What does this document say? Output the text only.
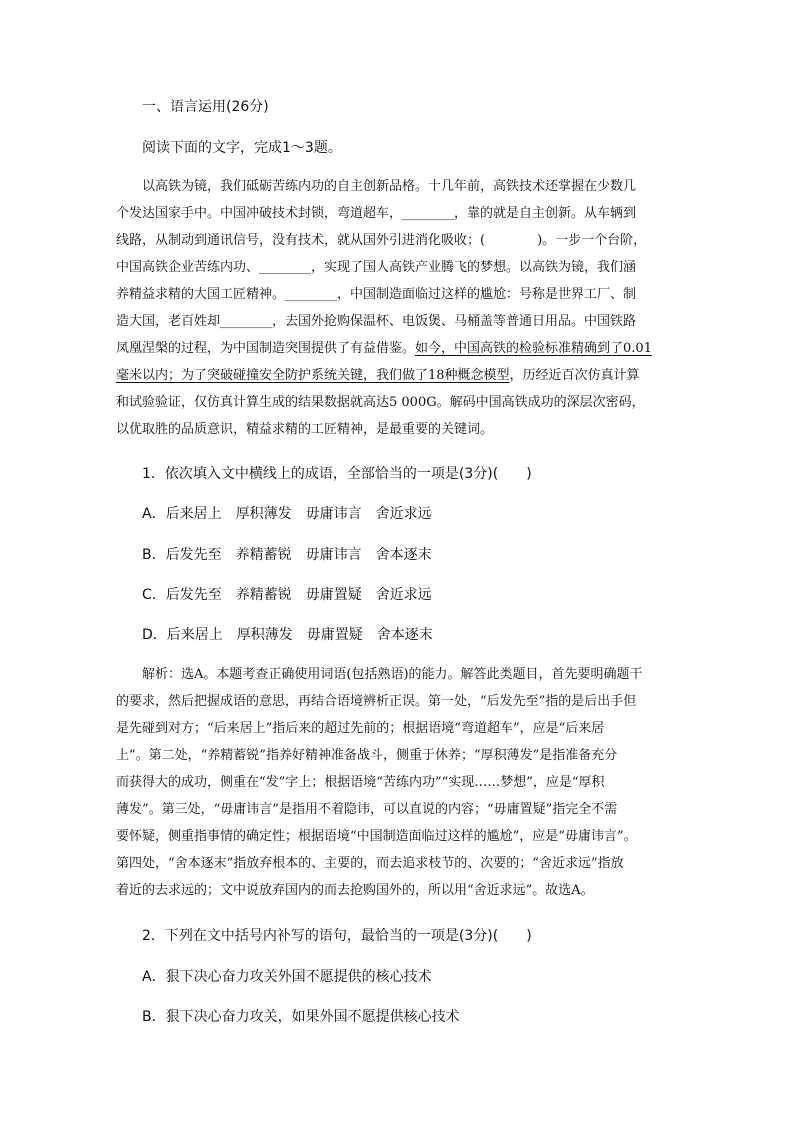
一、语言运用(26分)
阅读下面的文字，完成1～3题。
以高铁为镜，我们砥砺苦练内功的自主创新品格。十几年前，高铁技术还掌握在少数几
个发达国家手中。中国冲破技术封锁，弯道超车，________，靠的就是自主创新。从车辆到
线路，从制动到通讯信号，没有技术，就从国外引进消化吸收；(　　　　)。一步一个台阶，
中国高铁企业苦练内功、________，实现了国人高铁产业腾飞的梦想。以高铁为镜，我们涵
养精益求精的大国工匠精神。________，中国制造面临过这样的尴尬：号称是世界工厂、制
造大国，老百姓却________，去国外抢购保温杯、电饭煲、马桶盖等普通日用品。中国铁路
凤凰涅槃的过程，为中国制造突围提供了有益借鉴。如今，中国高铁的检验标准精确到了0.01
毫米以内；为了突破碰撞安全防护系统关键，我们做了18种概念模型，历经近百次仿真计算
和试验验证，仅仿真计算生成的结果数据就高达5 000G。解码中国高铁成功的深层次密码，
以优取胜的品质意识，精益求精的工匠精神，是最重要的关键词。
1．依次填入文中横线上的成语，全部恰当的一项是(3分)(　　)
A．后来居上　厚积薄发　毋庸讳言　舍近求远
B．后发先至　养精蓄锐　毋庸讳言　舍本逐末
C．后发先至　养精蓄锐　毋庸置疑　舍近求远
D．后来居上　厚积薄发　毋庸置疑　舍本逐末
解析：选A。本题考查正确使用词语(包括熟语)的能力。解答此类题目，首先要明确题干
的要求，然后把握成语的意思，再结合语境辨析正误。第一处，“后发先至”指的是后出手但
是先碰到对方；“后来居上”指后来的超过先前的；根据语境“弯道超车”，应是“后来居
上”。第二处，“养精蓄锐”指养好精神准备战斗，侧重于休养；“厚积薄发”是指准备充分
而获得大的成功，侧重在“发”字上；根据语境“苦练内功”“实现……梦想”，应是“厚积
薄发”。第三处，“毋庸讳言”是指用不着隐讳，可以直说的内容；“毋庸置疑”指完全不需
要怀疑，侧重指事情的确定性；根据语境“中国制造面临过这样的尴尬”，应是“毋庸讳言”。
第四处，“舍本逐末”指放弃根本的、主要的，而去追求枝节的、次要的；“舍近求远”指放
着近的去求远的；文中说放弃国内的而去抢购国外的，所以用“舍近求远”。故选A。
2．下列在文中括号内补写的语句，最恰当的一项是(3分)(　　)
A．狠下决心奋力攻关外国不愿提供的核心技术
B．狠下决心奋力攻关，如果外国不愿提供核心技术
